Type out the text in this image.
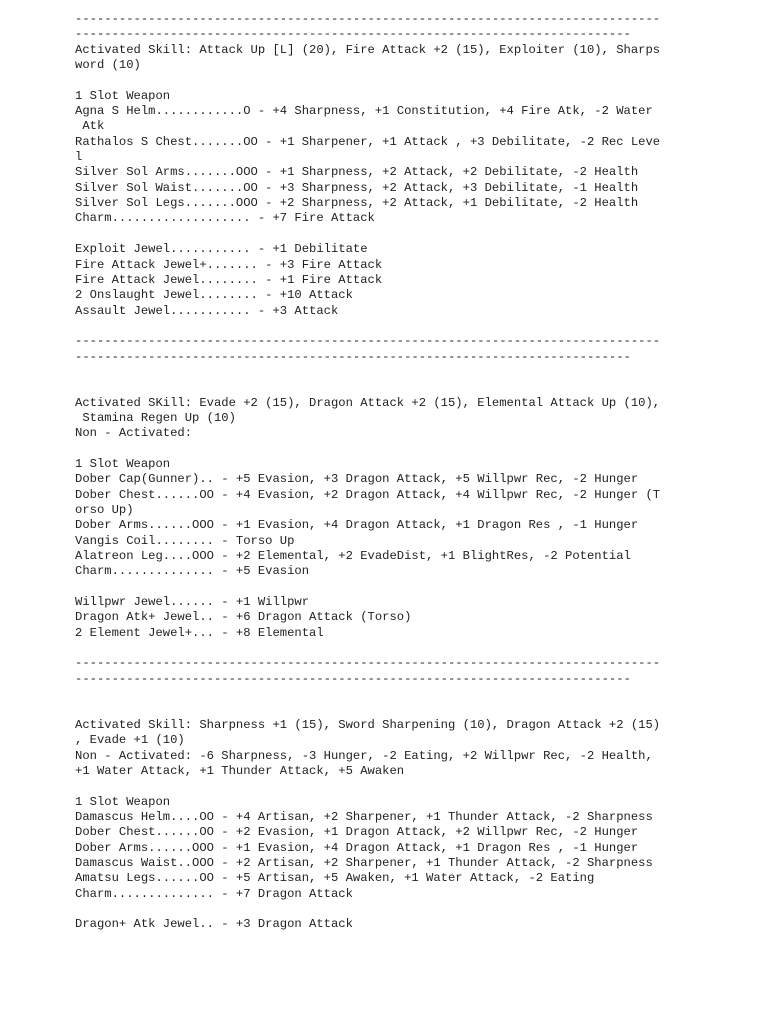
--------------------------------------------------------------------------------
----------------------------------------------------------------------------
Activated Skill: Attack Up [L] (20), Fire Attack +2 (15), Exploiter (10), Sharps
word (10)
1 Slot Weapon
Agna S Helm............O - +4 Sharpness, +1 Constitution, +4 Fire Atk, -2 Water
Atk
Rathalos S Chest.......OO - +1 Sharpener, +1 Attack , +3 Debilitate, -2 Rec Leve
l
Silver Sol Arms.......OOO - +1 Sharpness, +2 Attack, +2 Debilitate, -2 Health
Silver Sol Waist.......OO - +3 Sharpness, +2 Attack, +3 Debilitate, -1 Health
Silver Sol Legs.......OOO - +2 Sharpness, +2 Attack, +1 Debilitate, -2 Health
Charm................... - +7 Fire Attack
Exploit Jewel........... - +1 Debilitate
Fire Attack Jewel+....... - +3 Fire Attack
Fire Attack Jewel........ - +1 Fire Attack
2 Onslaught Jewel........ - +10 Attack
Assault Jewel........... - +3 Attack
--------------------------------------------------------------------------------
----------------------------------------------------------------------------
Activated SKill: Evade +2 (15), Dragon Attack +2 (15), Elemental Attack Up (10),
Stamina Regen Up (10)
Non - Activated:
1 Slot Weapon
Dober Cap(Gunner).. - +5 Evasion, +3 Dragon Attack, +5 Willpwr Rec, -2 Hunger
Dober Chest......OO - +4 Evasion, +2 Dragon Attack, +4 Willpwr Rec, -2 Hunger (T
orso Up)
Dober Arms......OOO - +1 Evasion, +4 Dragon Attack, +1 Dragon Res , -1 Hunger
Vangis Coil........ - Torso Up
Alatreon Leg....OOO - +2 Elemental, +2 EvadeDist, +1 BlightRes, -2 Potential
Charm.............. - +5 Evasion
Willpwr Jewel...... - +1 Willpwr
Dragon Atk+ Jewel.. - +6 Dragon Attack (Torso)
2 Element Jewel+... - +8 Elemental
--------------------------------------------------------------------------------
----------------------------------------------------------------------------
Activated Skill: Sharpness +1 (15), Sword Sharpening (10), Dragon Attack +2 (15)
, Evade +1 (10)
Non - Activated: -6 Sharpness, -3 Hunger, -2 Eating, +2 Willpwr Rec, -2 Health,
+1 Water Attack, +1 Thunder Attack, +5 Awaken
1 Slot Weapon
Damascus Helm....OO - +4 Artisan, +2 Sharpener, +1 Thunder Attack, -2 Sharpness
Dober Chest......OO - +2 Evasion, +1 Dragon Attack, +2 Willpwr Rec, -2 Hunger
Dober Arms......OOO - +1 Evasion, +4 Dragon Attack, +1 Dragon Res , -1 Hunger
Damascus Waist..OOO - +2 Artisan, +2 Sharpener, +1 Thunder Attack, -2 Sharpness
Amatsu Legs......OO - +5 Artisan, +5 Awaken, +1 Water Attack, -2 Eating
Charm.............. - +7 Dragon Attack
Dragon+ Atk Jewel.. - +3 Dragon Attack
